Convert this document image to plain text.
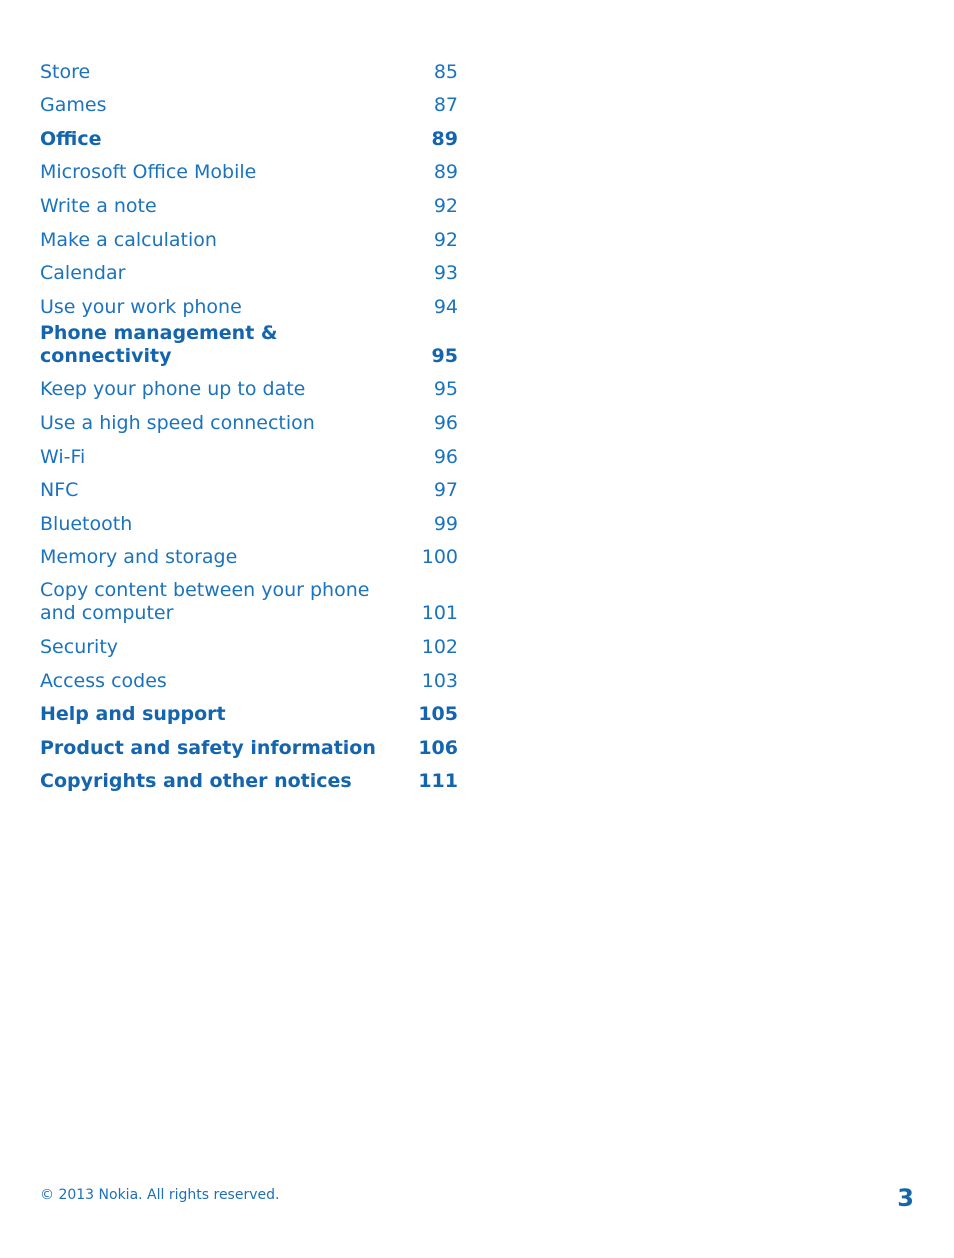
Store	85
Games	87
Office	89
Microsoft Office Mobile	89
Write a note	92
Make a calculation	92
Calendar	93
Use your work phone	94
Phone management & connectivity	95
Keep your phone up to date	95
Use a high speed connection	96
Wi-Fi	96
NFC	97
Bluetooth	99
Memory and storage	100
Copy content between your phone and computer	101
Security	102
Access codes	103
Help and support	105
Product and safety information	106
Copyrights and other notices	111
© 2013 Nokia. All rights reserved.	3
